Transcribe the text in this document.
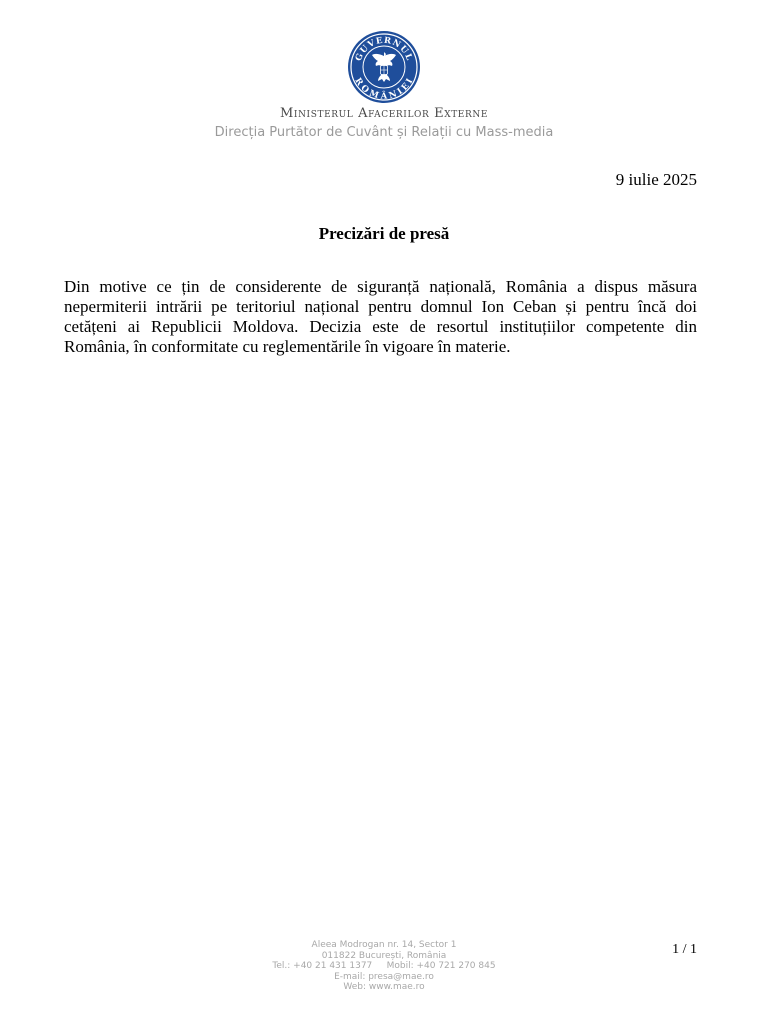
GUVERNUL
ROMÂNIEI
Ministerul Afacerilor Externe
Direcția Purtător de Cuvânt și Relații cu Mass-media
9 iulie 2025
Precizări de presă

Din motive ce țin de considerente de siguranță națională, România a dispus măsura nepermiterii intrării pe teritoriul național pentru domnul Ion Ceban și pentru încă doi cetățeni ai Republicii Moldova. Decizia este de resortul instituțiilor competente din România, în conformitate cu reglementările în vigoare în materie.

Aleea Modrogan nr. 14, Sector 1
011822 București, România
Tel.: +40 21 431 1377     Mobil: +40 721 270 845
E-mail: presa@mae.ro
Web: www.mae.ro
1 / 1
